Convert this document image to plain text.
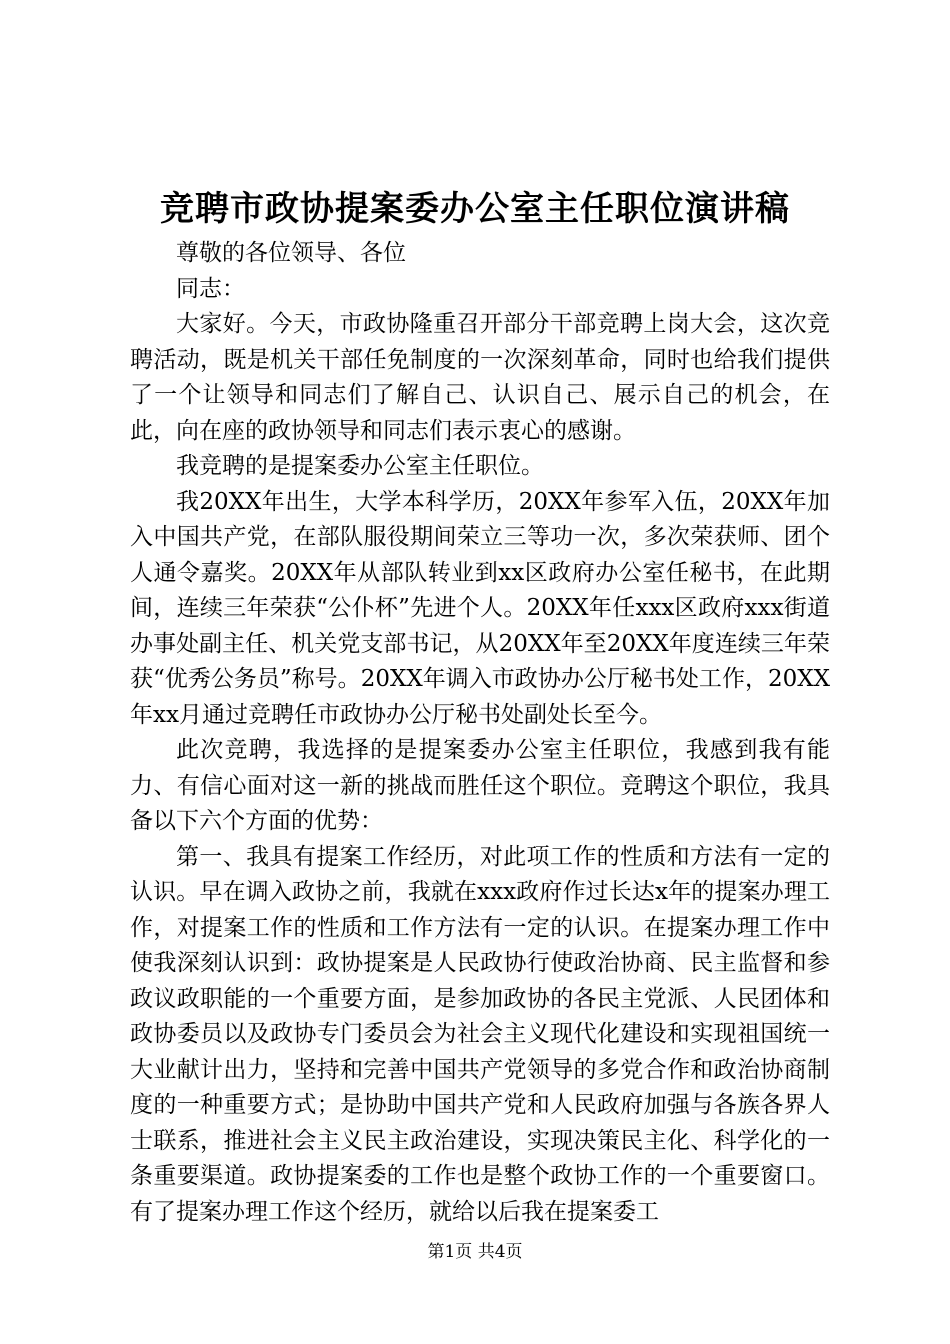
竞聘市政协提案委办公室主任职位演讲稿

尊敬的各位领导、各位

同志：

大家好。今天，市政协隆重召开部分干部竞聘上岗大会，这次竞聘活动，既是机关干部任免制度的一次深刻革命，同时也给我们提供了一个让领导和同志们了解自己、认识自己、展示自己的机会，在此，向在座的政协领导和同志们表示衷心的感谢。

我竞聘的是提案委办公室主任职位。

我20XX年出生，大学本科学历，20XX年参军入伍，20XX年加入中国共产党，在部队服役期间荣立三等功一次，多次荣获师、团个人通令嘉奖。20XX年从部队转业到xx区政府办公室任秘书，在此期间，连续三年荣获“公仆杯”先进个人。20XX年任xxx区政府xxx街道办事处副主任、机关党支部书记，从20XX年至20XX年度连续三年荣获“优秀公务员”称号。20XX年调入市政协办公厅秘书处工作，20XX年xx月通过竞聘任市政协办公厅秘书处副处长至今。

此次竞聘，我选择的是提案委办公室主任职位，我感到我有能力、有信心面对这一新的挑战而胜任这个职位。竞聘这个职位，我具备以下六个方面的优势：

第一、我具有提案工作经历，对此项工作的性质和方法有一定的认识。早在调入政协之前，我就在xxx政府作过长达x年的提案办理工作，对提案工作的性质和工作方法有一定的认识。在提案办理工作中使我深刻认识到：政协提案是人民政协行使政治协商、民主监督和参政议政职能的一个重要方面，是参加政协的各民主党派、人民团体和政协委员以及政协专门委员会为社会主义现代化建设和实现祖国统一大业献计出力，坚持和完善中国共产党领导的多党合作和政治协商制度的一种重要方式；是协助中国共产党和人民政府加强与各族各界人士联系，推进社会主义民主政治建设，实现决策民主化、科学化的一条重要渠道。政协提案委的工作也是整个政协工作的一个重要窗口。有了提案办理工作这个经历，就给以后我在提案委工

第1页 共4页
